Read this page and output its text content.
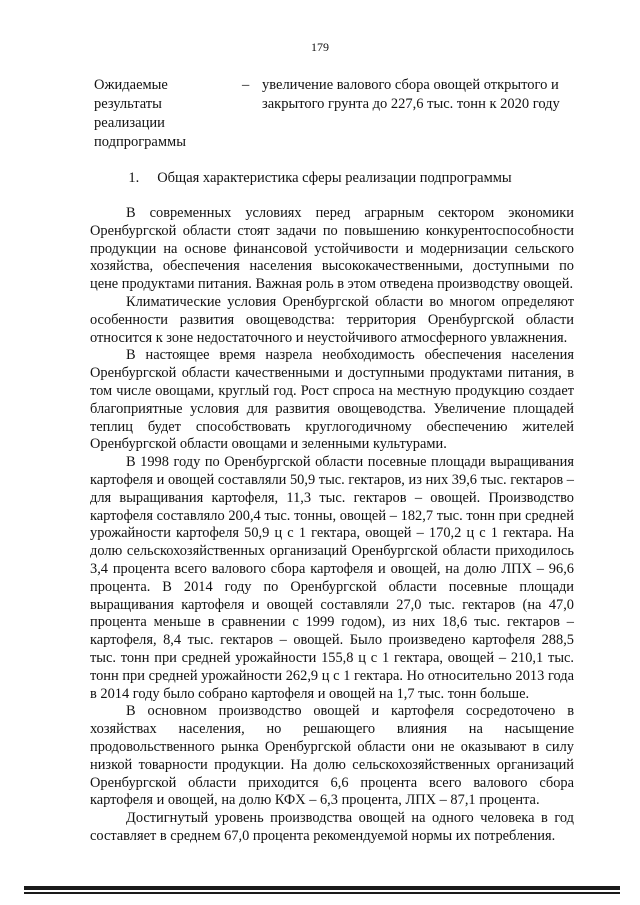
179
Ожидаемые результаты реализации подпрограммы
– увеличение валового сбора овощей открытого и закрытого грунта до 227,6 тыс. тонн к 2020 году
1. Общая характеристика сферы реализации подпрограммы

В современных условиях перед аграрным сектором экономики Оренбургской области стоят задачи по повышению конкурентоспособности продукции на основе финансовой устойчивости и модернизации сельского хозяйства, обеспечения населения высококачественными, доступными по цене продуктами питания. Важная роль в этом отведена производству овощей.

Климатические условия Оренбургской области во многом определяют особенности развития овощеводства: территория Оренбургской области относится к зоне недостаточного и неустойчивого атмосферного увлажнения.

В настоящее время назрела необходимость обеспечения населения Оренбургской области качественными и доступными продуктами питания, в том числе овощами, круглый год. Рост спроса на местную продукцию создает благоприятные условия для развития овощеводства. Увеличение площадей теплиц будет способствовать круглогодичному обеспечению жителей Оренбургской области овощами и зеленными культурами.

В 1998 году по Оренбургской области посевные площади выращивания картофеля и овощей составляли 50,9 тыс. гектаров, из них 39,6 тыс. гектаров – для выращивания картофеля, 11,3 тыс. гектаров – овощей. Производство картофеля составляло 200,4 тыс. тонны, овощей – 182,7 тыс. тонн при средней урожайности картофеля 50,9 ц с 1 гектара, овощей – 170,2 ц с 1 гектара. На долю сельскохозяйственных организаций Оренбургской области приходилось 3,4 процента всего валового сбора картофеля и овощей, на долю ЛПХ – 96,6 процента. В 2014 году по Оренбургской области посевные площади выращивания картофеля и овощей составляли 27,0 тыс. гектаров (на 47,0 процента меньше в сравнении с 1999 годом), из них 18,6 тыс. гектаров – картофеля, 8,4 тыс. гектаров – овощей. Было произведено картофеля 288,5 тыс. тонн при средней урожайности 155,8 ц с 1 гектара, овощей – 210,1 тыс. тонн при средней урожайности 262,9 ц с 1 гектара. Но относительно 2013 года в 2014 году было собрано картофеля и овощей на 1,7 тыс. тонн больше.

В основном производство овощей и картофеля сосредоточено в хозяйствах населения, но решающего влияния на насыщение продовольственного рынка Оренбургской области они не оказывают в силу низкой товарности продукции. На долю сельскохозяйственных организаций Оренбургской области приходится 6,6 процента всего валового сбора картофеля и овощей, на долю КФХ – 6,3 процента, ЛПХ – 87,1 процента.

Достигнутый уровень производства овощей на одного человека в год составляет в среднем 67,0 процента рекомендуемой нормы их потребления.
